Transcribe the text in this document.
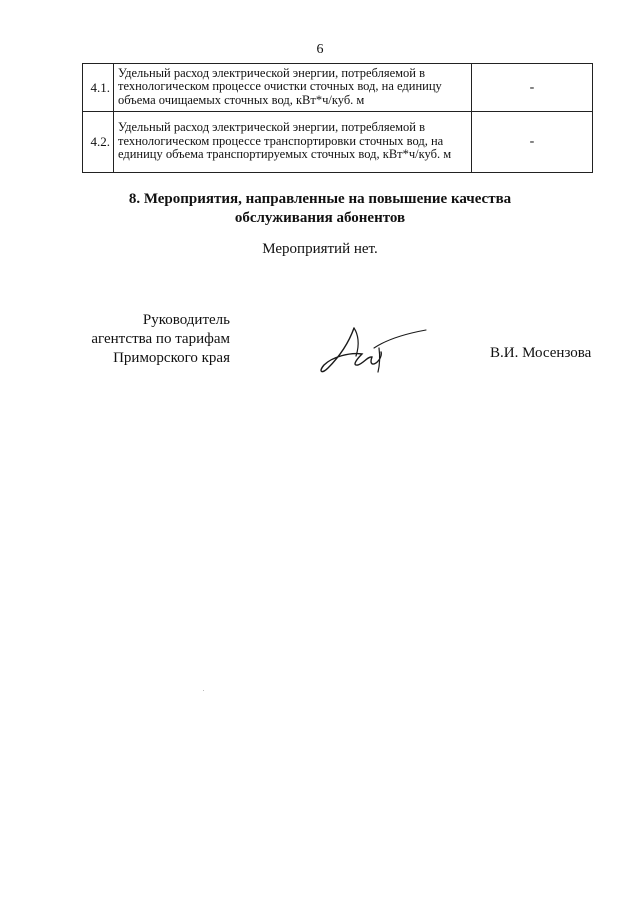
6
4.1.	Удельный расход электрической энергии, потребляемой в технологическом процессе очистки сточных вод, на единицу объема очищаемых сточных вод, кВт*ч/куб. м	-
4.2.	Удельный расход электрической энергии, потребляемой в технологическом процессе транспортировки сточных вод, на единицу объема транспортируемых сточных вод, кВт*ч/куб. м	-
8. Мероприятия, направленные на повышение качества
обслуживания абонентов
Мероприятий нет.
Руководитель
агентства по тарифам
Приморского края	В.И. Мосензова
